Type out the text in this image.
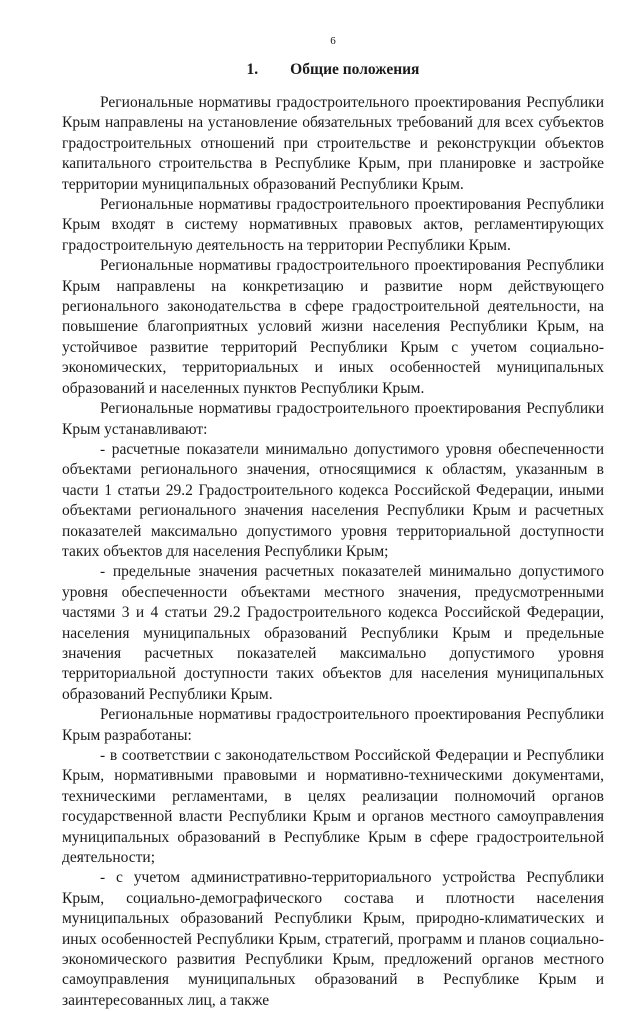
6
1. Общие положения

Региональные нормативы градостроительного проектирования Республики Крым направлены на установление обязательных требований для всех субъектов градостроительных отношений при строительстве и реконструкции объектов капитального строительства в Республике Крым, при планировке и застройке территории муниципальных образований Республики Крым.

Региональные нормативы градостроительного проектирования Республики Крым входят в систему нормативных правовых актов, регламентирующих градостроительную деятельность на территории Республики Крым.

Региональные нормативы градостроительного проектирования Республики Крым направлены на конкретизацию и развитие норм действующего регионального законодательства в сфере градостроительной деятельности, на повышение благоприятных условий жизни населения Республики Крым, на устойчивое развитие территорий Республики Крым с учетом социально-экономических, территориальных и иных особенностей муниципальных образований и населенных пунктов Республики Крым.

Региональные нормативы градостроительного проектирования Республики Крым устанавливают:

- расчетные показатели минимально допустимого уровня обеспеченности объектами регионального значения, относящимися к областям, указанным в части 1 статьи 29.2 Градостроительного кодекса Российской Федерации, иными объектами регионального значения населения Республики Крым и расчетных показателей максимально допустимого уровня территориальной доступности таких объектов для населения Республики Крым;

- предельные значения расчетных показателей минимально допустимого уровня обеспеченности объектами местного значения, предусмотренными частями 3 и 4 статьи 29.2 Градостроительного кодекса Российской Федерации, населения муниципальных образований Республики Крым и предельные значения расчетных показателей максимально допустимого уровня территориальной доступности таких объектов для населения муниципальных образований Республики Крым.

Региональные нормативы градостроительного проектирования Республики Крым разработаны:

- в соответствии с законодательством Российской Федерации и Республики Крым, нормативными правовыми и нормативно-техническими документами, техническими регламентами, в целях реализации полномочий органов государственной власти Республики Крым и органов местного самоуправления муниципальных образований в Республике Крым в сфере градостроительной деятельности;

- с учетом административно-территориального устройства Республики Крым, социально-демографического состава и плотности населения муниципальных образований Республики Крым, природно-климатических и иных особенностей Республики Крым, стратегий, программ и планов социально-экономического развития Республики Крым, предложений органов местного самоуправления муниципальных образований в Республике Крым и заинтересованных лиц, а также
